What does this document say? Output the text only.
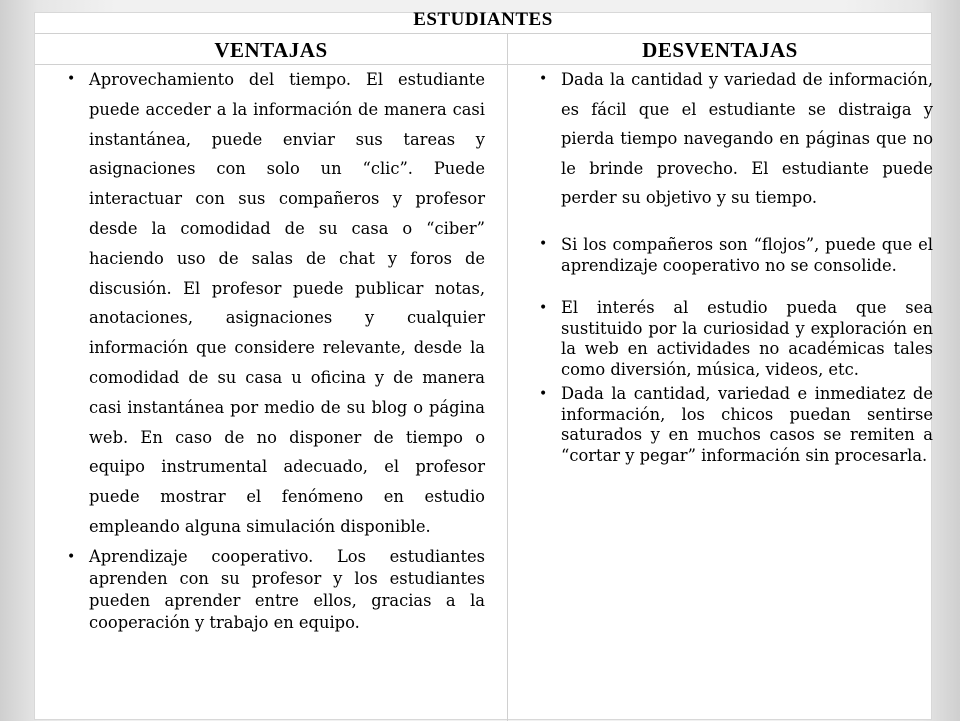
ESTUDIANTES
VENTAJAS	DESVENTAJAS
• Aprovechamiento del tiempo. El estudiante puede acceder a la información de manera casi instantánea, puede enviar sus tareas y asignaciones con solo un “clic”. Puede interactuar con sus compañeros y profesor desde la comodidad de su casa o “ciber” haciendo uso de salas de chat y foros de discusión. El profesor puede publicar notas, anotaciones, asignaciones y cualquier información que considere relevante, desde la comodidad de su casa u oficina y de manera casi instantánea por medio de su blog o página web. En caso de no disponer de tiempo o equipo instrumental adecuado, el profesor puede mostrar el fenómeno en estudio empleando alguna simulación disponible.
• Aprendizaje cooperativo. Los estudiantes aprenden con su profesor y los estudiantes pueden aprender entre ellos, gracias a la cooperación y trabajo en equipo.
• Dada la cantidad y variedad de información, es fácil que el estudiante se distraiga y pierda tiempo navegando en páginas que no le brinde provecho. El estudiante puede perder su objetivo y su tiempo.
• Si los compañeros son “flojos”, puede que el aprendizaje cooperativo no se consolide.
• El interés al estudio pueda que sea sustituido por la curiosidad y exploración en la web en actividades no académicas tales como diversión, música, videos, etc.
• Dada la cantidad, variedad e inmediatez de información, los chicos puedan sentirse saturados y en muchos casos se remiten a “cortar y pegar” información sin procesarla.
